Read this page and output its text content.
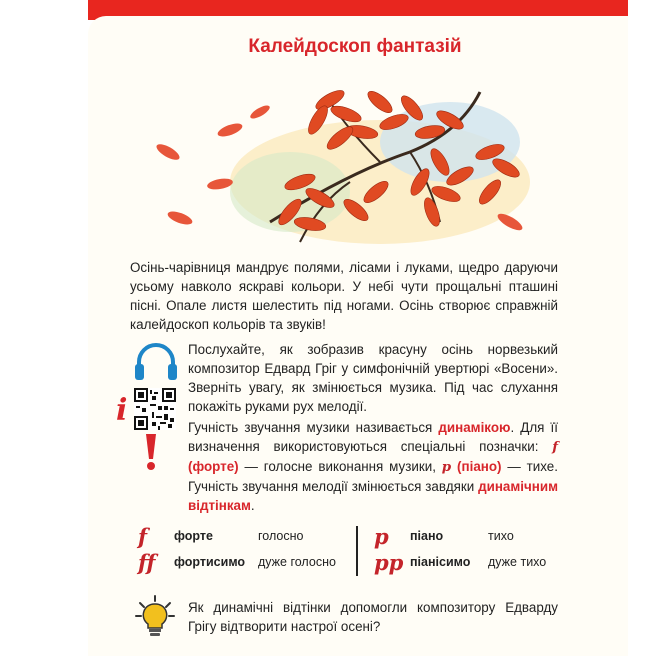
Калейдоскоп фантазій
Осінь-чарівниця мандрує полями, лісами і луками, щедро даруючи усьому навколо яскраві кольори. У небі чути прощальні пташині пісні. Опале листя шелестить під ногами. Осінь створює справжній калейдоскоп кольорів та звуків!
Послухайте, як зобразив красуну осінь норвезький композитор Едвард Гріг у симфонічній увертюрі «Восени». Зверніть увагу, як змінюється музика. Під час слухання покажіть руками рух мелодії.
i	Гучність звучання музики називається динамікою. Для її визначення використовуються спеціальні позначки: f (форте) — голосне виконання музики, p (піано) — тихе. Гучність звучання мелодії змінюється завдяки динамічним відтінкам.
f	форте	голосно
ff	фортисимо	дуже голосно
p	піано	тихо
pp піанісимо	дуже тихо
Як динамічні відтінки допомогли композитору Едварду Грігу відтворити настрої осені?
